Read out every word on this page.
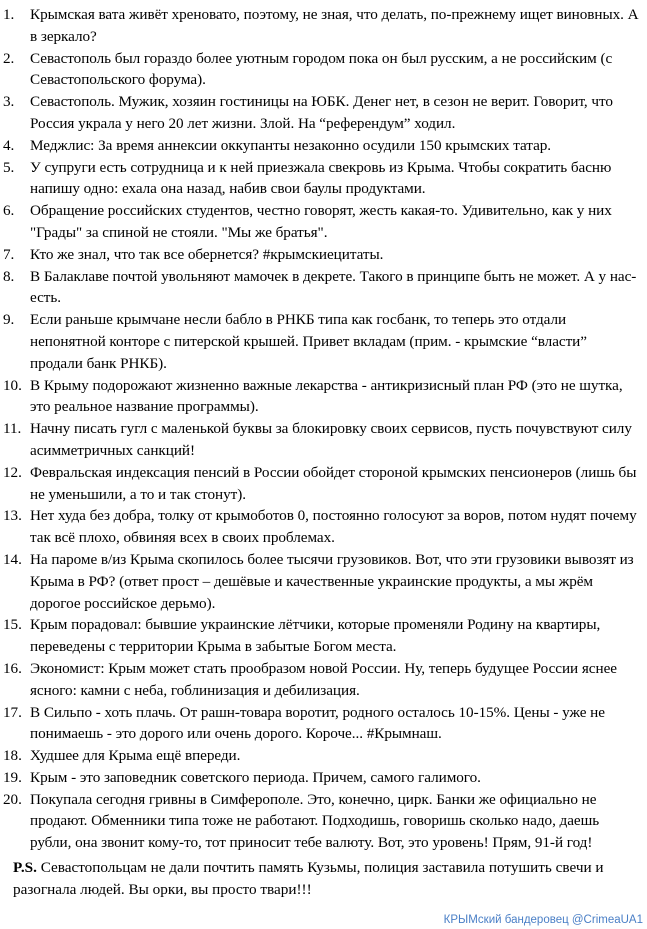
1. Крымская вата живёт хреновато, поэтому, не зная, что делать, по-прежнему ищет виновных. А в зеркало?
2. Севастополь был гораздо более уютным городом пока он был русским, а не российским (с Севастопольского форума).
3. Севастополь. Мужик, хозяин гостиницы на ЮБК. Денег нет, в сезон не верит. Говорит, что Россия украла у него 20 лет жизни. Злой. На “референдум” ходил.
4. Меджлис: За время аннексии оккупанты незаконно осудили 150 крымских татар.
5. У супруги есть сотрудница и к ней приезжала свекровь из Крыма. Чтобы сократить басню напишу одно: ехала она назад, набив свои баулы продуктами.
6. Обращение российских студентов, честно говорят, жесть какая-то. Удивительно, как у них "Грады" за спиной не стояли. "Мы же братья".
7. Кто же знал, что так все обернется? #крымскиецитаты.
8. В Балаклаве почтой увольняют мамочек в декрете. Такого в принципе быть не может. А у нас-есть.
9. Если раньше крымчане несли бабло в РНКБ типа как госбанк, то теперь это отдали непонятной конторе с питерской крышей. Привет вкладам (прим. - крымские “власти” продали банк РНКБ).
10. В Крыму подорожают жизненно важные лекарства - антикризисный план РФ (это не шутка, это реальное название программы).
11. Начну писать гугл с маленькой буквы за блокировку своих сервисов, пусть почувствуют силу асимметричных санкций!
12. Февральская индексация пенсий в России обойдет стороной крымских пенсионеров (лишь бы не уменьшили, а то и так стонут).
13. Нет худа без добра, толку от крымоботов 0, постоянно голосуют за воров, потом нудят почему так всё плохо, обвиняя всех в своих проблемах.
14. На пароме в/из Крыма скопилось более тысячи грузовиков. Вот, что эти грузовики вывозят из Крыма в РФ? (ответ прост – дешёвые и качественные украинские продукты, а мы жрём дорогое российское дерьмо).
15. Крым порадовал: бывшие украинские лётчики, которые променяли Родину на квартиры, переведены с территории Крыма в забытые Богом места.
16. Экономист: Крым может стать прообразом новой России. Ну, теперь будущее России яснее ясного: камни с неба, гоблинизация и дебилизация.
17. В Сильпо - хоть плачь. От рашн-товара воротит, родного осталось 10-15%. Цены - уже не понимаешь - это дорого или очень дорого. Короче... #Крымнаш.
18. Худшее для Крыма ещё впереди.
19. Крым - это заповедник советского периода. Причем, самого галимого.
20. Покупала сегодня гривны в Симферополе. Это, конечно, цирк. Банки же официально не продают. Обменники типа тоже не работают. Подходишь, говоришь сколько надо, даешь рубли, она звонит кому-то, тот приносит тебе валюту. Вот, это уровень! Прям, 91-й год!

P.S. Севастопольцам не дали почтить память Кузьмы, полиция заставила потушить свечи и разогнала людей. Вы орки, вы просто твари!!!

КРЫМский бандеровец @CrimeaUA1
